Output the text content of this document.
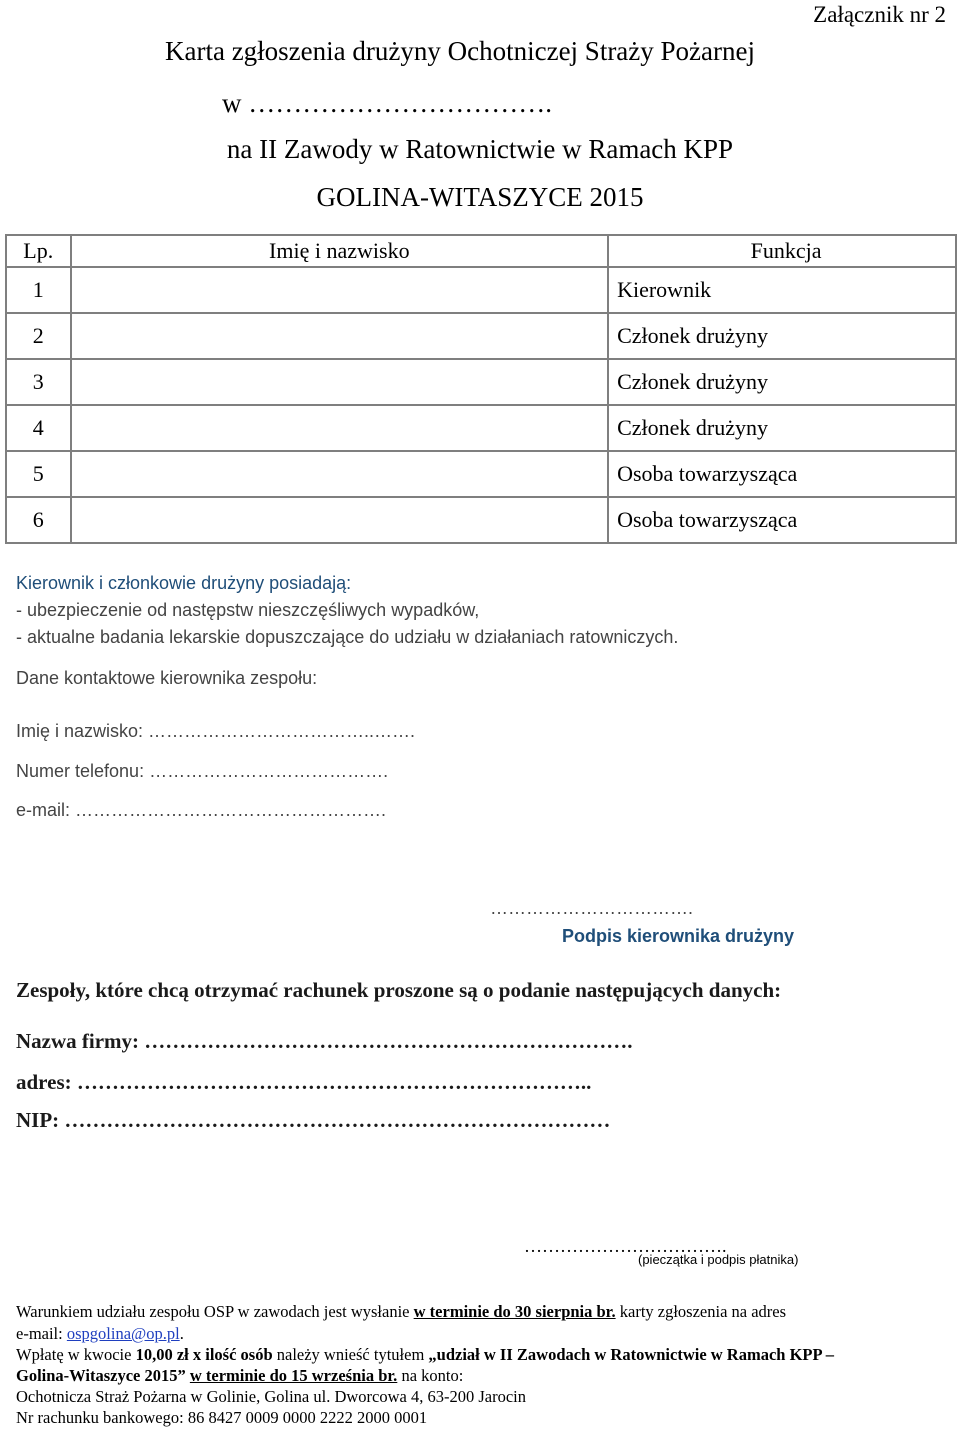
Załącznik nr 2
Karta zgłoszenia drużyny Ochotniczej Straży Pożarnej
w …………………………….
na II Zawody w Ratownictwie w Ramach KPP
GOLINA-WITASZYCE 2015
Lp.	Imię i nazwisko	Funkcja
1		Kierownik
2		Członek drużyny
3		Członek drużyny
4		Członek drużyny
5		Osoba towarzysząca
6		Osoba towarzysząca
Kierownik i członkowie drużyny posiadają:
- ubezpieczenie od następstw nieszczęśliwych wypadków,
- aktualne badania lekarskie dopuszczające do udziału w działaniach ratowniczych.
Dane kontaktowe kierownika zespołu:
Imię i nazwisko: ………………………………..…….
Numer telefonu: ………………………………….
e-mail: …………………………………………….
…………………………….
Podpis kierownika drużyny
Zespoły, które chcą otrzymać rachunek proszone są o podanie następujących danych:
Nazwa firmy: …………………………………………………………….
adres: ………………………………………………………………..
NIP: ……………………………………………………………………
…………………………….
(pieczątka i podpis płatnika)
Warunkiem udziału zespołu OSP w zawodach jest wysłanie w terminie do 30 sierpnia br. karty zgłoszenia na adres
e-mail: ospgolina@op.pl.
Wpłatę w kwocie 10,00 zł x ilość osób należy wnieść tytułem „udział w II Zawodach w Ratownictwie w Ramach KPP –
Golina-Witaszyce 2015” w terminie do 15 września br. na konto:
Ochotnicza Straż Pożarna w Golinie, Golina ul. Dworcowa 4, 63-200 Jarocin
Nr rachunku bankowego: 86 8427 0009 0000 2222 2000 0001
